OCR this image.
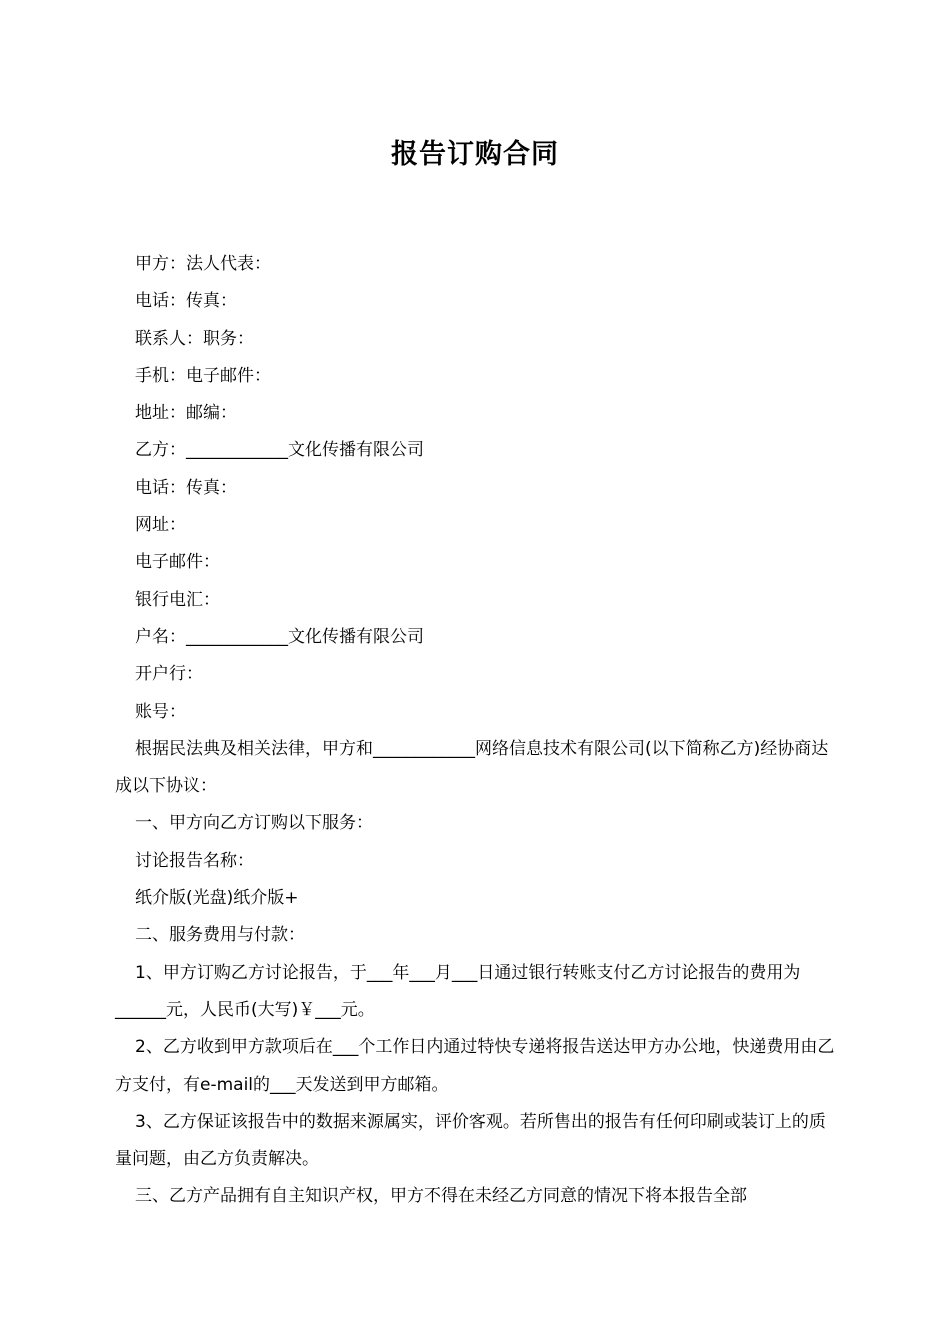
报告订购合同

甲方：法人代表：

电话：传真：

联系人：职务：

手机：电子邮件：

地址：邮编：

乙方：____________文化传播有限公司

电话：传真：

网址：

电子邮件：

银行电汇：

户名：____________文化传播有限公司

开户行：

账号：

根据民法典及相关法律，甲方和____________网络信息技术有限公司(以下简称乙方)经协商达成以下协议：

一、甲方向乙方订购以下服务：

讨论报告名称：

纸介版(光盘)纸介版+

二、服务费用与付款：

1、甲方订购乙方讨论报告，于___年___月___日通过银行转账支付乙方讨论报告的费用为______元，人民币(大写)￥___元。

2、乙方收到甲方款项后在___个工作日内通过特快专递将报告送达甲方办公地，快递费用由乙方支付，有e-mail的___天发送到甲方邮箱。

3、乙方保证该报告中的数据来源属实，评价客观。若所售出的报告有任何印刷或装订上的质量问题，由乙方负责解决。

三、乙方产品拥有自主知识产权，甲方不得在未经乙方同意的情况下将本报告全部
